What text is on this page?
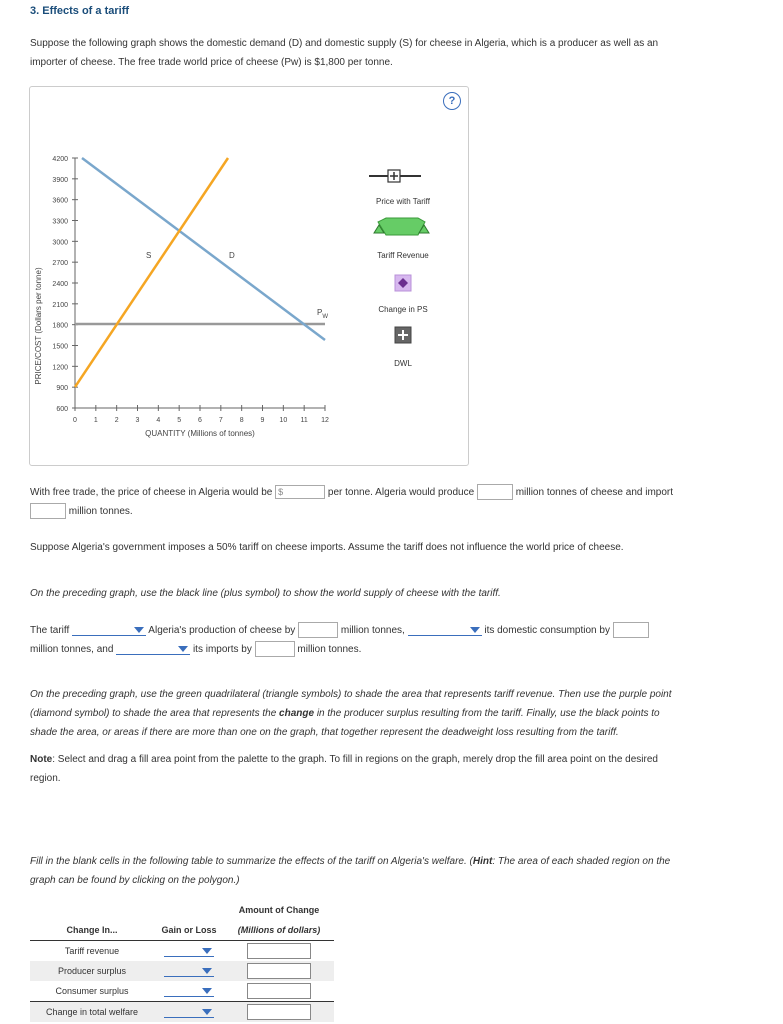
3. Effects of a tariff
Suppose the following graph shows the domestic demand (D) and domestic supply (S) for cheese in Algeria, which is a producer as well as an
importer of cheese. The free trade world price of cheese (Pw) is $1,800 per tonne.
?
PRICE/COST (Dollars per tonne)
4200
3900
3600
3300
3000
2700
2400
2100
1800
1500
1200
900
600
0 1 2 3 4 5 6 7 8 9 10 11 12
QUANTITY (Millions of tonnes)
S	D
$P_W$
Price with Tariff
Tariff Revenue
Change in PS
DWL
With free trade, the price of cheese in Algeria would be $	per tonne. Algeria would produce	million tonnes of cheese and import
million tonnes.
Suppose Algeria's government imposes a 50% tariff on cheese imports. Assume the tariff does not influence the world price of cheese.
On the preceding graph, use the black line (plus symbol) to show the world supply of cheese with the tariff.
The tariff	Algeria's production of cheese by	million tonnes,	its domestic consumption by
million tonnes, and	its imports by	million tonnes.
On the preceding graph, use the green quadrilateral (triangle symbols) to shade the area that represents tariff revenue. Then use the purple point
(diamond symbol) to shade the area that represents the change in the producer surplus resulting from the tariff. Finally, use the black points to
shade the area, or areas if there are more than one on the graph, that together represent the deadweight loss resulting from the tariff.
Note: Select and drag a fill area point from the palette to the graph. To fill in regions on the graph, merely drop the fill area point on the desired
region.
Fill in the blank cells in the following table to summarize the effects of the tariff on Algeria's welfare. (Hint: The area of each shaded region on the
graph can be found by clicking on the polygon.)
		Amount of Change
Change In...	Gain or Loss	(Millions of dollars)
Tariff revenue	

Producer surplus	

Consumer surplus	

Change in total welfare	
